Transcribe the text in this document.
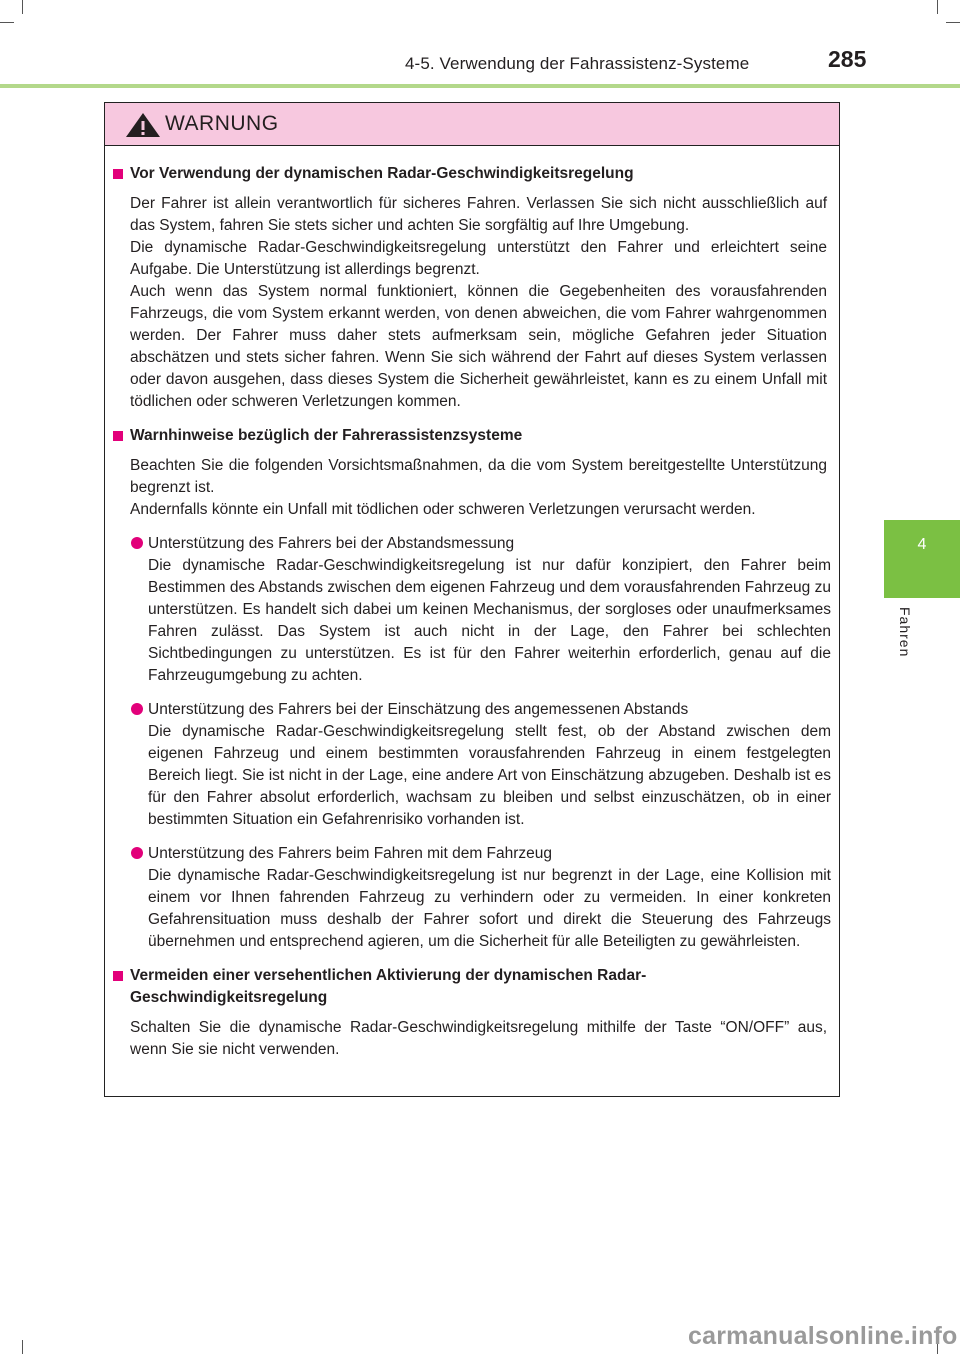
4-5. Verwendung der Fahrassistenz-Systeme	285
4
Fahren
WARNUNG
Vor Verwendung der dynamischen Radar-Geschwindigkeitsregelung

Der Fahrer ist allein verantwortlich für sicheres Fahren. Verlassen Sie sich nicht ausschließlich auf das System, fahren Sie stets sicher und achten Sie sorgfältig auf Ihre Umgebung.

Die dynamische Radar-Geschwindigkeitsregelung unterstützt den Fahrer und erleichtert seine Aufgabe. Die Unterstützung ist allerdings begrenzt.

Auch wenn das System normal funktioniert, können die Gegebenheiten des vorausfahrenden Fahrzeugs, die vom System erkannt werden, von denen abweichen, die vom Fahrer wahrgenommen werden. Der Fahrer muss daher stets aufmerksam sein, mögliche Gefahren jeder Situation abschätzen und stets sicher fahren. Wenn Sie sich während der Fahrt auf dieses System verlassen oder davon ausgehen, dass dieses System die Sicherheit gewährleistet, kann es zu einem Unfall mit tödlichen oder schweren Verletzungen kommen.

Warnhinweise bezüglich der Fahrerassistenzsysteme

Beachten Sie die folgenden Vorsichtsmaßnahmen, da die vom System bereitgestellte Unterstützung begrenzt ist.

Andernfalls könnte ein Unfall mit tödlichen oder schweren Verletzungen verursacht werden.

Unterstützung des Fahrers bei der Abstandsmessung

Die dynamische Radar-Geschwindigkeitsregelung ist nur dafür konzipiert, den Fahrer beim Bestimmen des Abstands zwischen dem eigenen Fahrzeug und dem vorausfahrenden Fahrzeug zu unterstützen. Es handelt sich dabei um keinen Mechanismus, der sorgloses oder unaufmerksames Fahren zulässt. Das System ist auch nicht in der Lage, den Fahrer bei schlechten Sichtbedingungen zu unterstützen. Es ist für den Fahrer weiterhin erforderlich, genau auf die Fahrzeugumgebung zu achten.

Unterstützung des Fahrers bei der Einschätzung des angemessenen Abstands

Die dynamische Radar-Geschwindigkeitsregelung stellt fest, ob der Abstand zwischen dem eigenen Fahrzeug und einem bestimmten vorausfahrenden Fahrzeug in einem festgelegten Bereich liegt. Sie ist nicht in der Lage, eine andere Art von Einschätzung abzugeben. Deshalb ist es für den Fahrer absolut erforderlich, wachsam zu bleiben und selbst einzuschätzen, ob in einer bestimmten Situation ein Gefahrenrisiko vorhanden ist.

Unterstützung des Fahrers beim Fahren mit dem Fahrzeug

Die dynamische Radar-Geschwindigkeitsregelung ist nur begrenzt in der Lage, eine Kollision mit einem vor Ihnen fahrenden Fahrzeug zu verhindern oder zu vermeiden. In einer konkreten Gefahrensituation muss deshalb der Fahrer sofort und direkt die Steuerung des Fahrzeugs übernehmen und entsprechend agieren, um die Sicherheit für alle Beteiligten zu gewährleisten.

Vermeiden einer versehentlichen Aktivierung der dynamischen Radar-Geschwindigkeitsregelung

Schalten Sie die dynamische Radar-Geschwindigkeitsregelung mithilfe der Taste “ON/OFF” aus, wenn Sie sie nicht verwenden.

carmanualsonline.info
